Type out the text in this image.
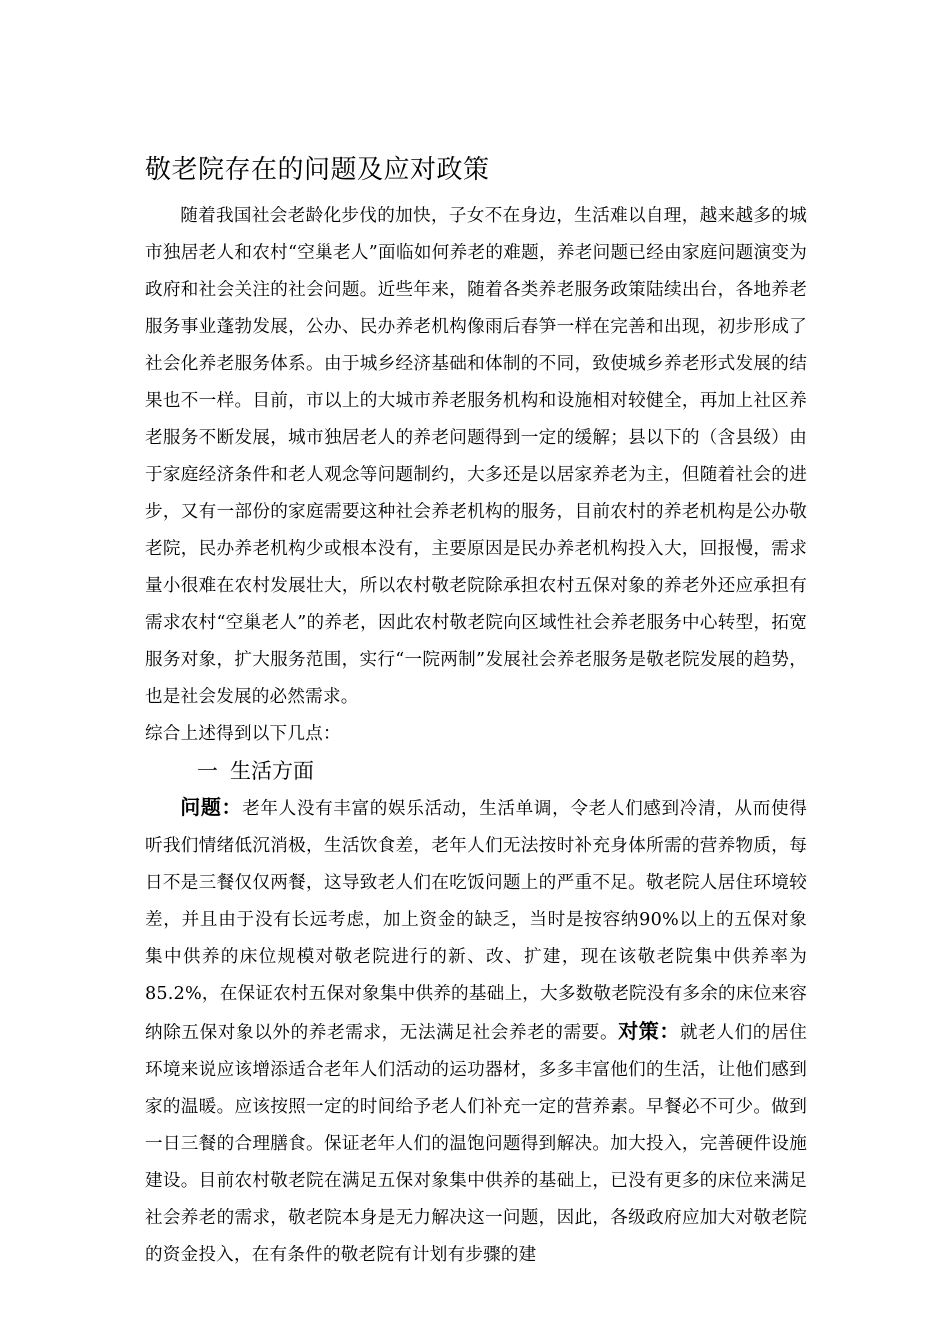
敬老院存在的问题及应对政策

随着我国社会老龄化步伐的加快，子女不在身边，生活难以自理，越来越多的城市独居老人和农村“空巢老人”面临如何养老的难题，养老问题已经由家庭问题演变为政府和社会关注的社会问题。近些年来，随着各类养老服务政策陆续出台，各地养老服务事业蓬勃发展，公办、民办养老机构像雨后春笋一样在完善和出现，初步形成了社会化养老服务体系。由于城乡经济基础和体制的不同，致使城乡养老形式发展的结果也不一样。目前，市以上的大城市养老服务机构和设施相对较健全，再加上社区养老服务不断发展，城市独居老人的养老问题得到一定的缓解；县以下的（含县级）由于家庭经济条件和老人观念等问题制约，大多还是以居家养老为主，但随着社会的进步，又有一部份的家庭需要这种社会养老机构的服务，目前农村的养老机构是公办敬老院，民办养老机构少或根本没有，主要原因是民办养老机构投入大，回报慢，需求量小很难在农村发展壮大，所以农村敬老院除承担农村五保对象的养老外还应承担有需求农村“空巢老人”的养老，因此农村敬老院向区域性社会养老服务中心转型，拓宽服务对象，扩大服务范围，实行“一院两制”发展社会养老服务是敬老院发展的趋势，也是社会发展的必然需求。

综合上述得到以下几点：

一 生活方面

问题：老年人没有丰富的娱乐活动，生活单调，令老人们感到冷清，从而使得听我们情绪低沉消极，生活饮食差，老年人们无法按时补充身体所需的营养物质，每日不是三餐仅仅两餐，这导致老人们在吃饭问题上的严重不足。敬老院人居住环境较差，并且由于没有长远考虑，加上资金的缺乏，当时是按容纳90%以上的五保对象集中供养的床位规模对敬老院进行的新、改、扩建，现在该敬老院集中供养率为85.2%，在保证农村五保对象集中供养的基础上，大多数敬老院没有多余的床位来容纳除五保对象以外的养老需求，无法满足社会养老的需要。对策：就老人们的居住环境来说应该增添适合老年人们活动的运功器材，多多丰富他们的生活，让他们感到家的温暖。应该按照一定的时间给予老人们补充一定的营养素。早餐必不可少。做到一日三餐的合理膳食。保证老年人们的温饱问题得到解决。加大投入，完善硬件设施建设。目前农村敬老院在满足五保对象集中供养的基础上，已没有更多的床位来满足社会养老的需求，敬老院本身是无力解决这一问题，因此，各级政府应加大对敬老院的资金投入，在有条件的敬老院有计划有步骤的建
